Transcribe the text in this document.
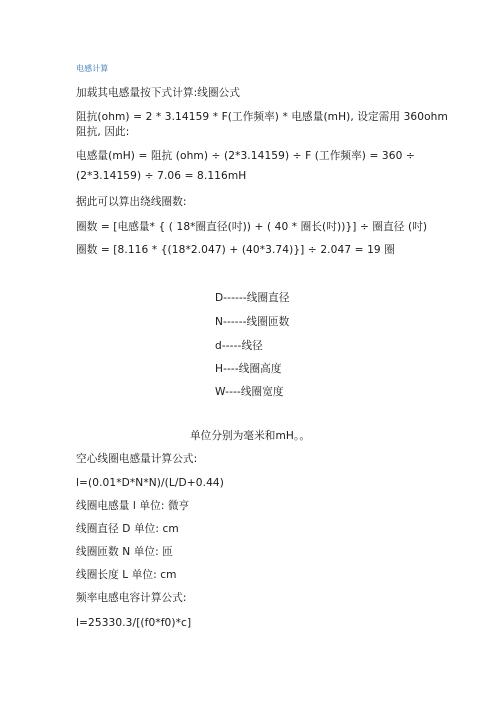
电感计算
加载其电感量按下式计算:线圈公式
阻抗(ohm) = 2 * 3.14159 * F(工作频率) * 电感量(mH), 设定需用 360ohm
阻抗, 因此:
电感量(mH) = 阻抗 (ohm) ÷ (2*3.14159) ÷ F (工作频率) = 360 ÷
(2*3.14159) ÷ 7.06 = 8.116mH
据此可以算出绕线圈数:
圈数 = [电感量* { ( 18*圈直径(吋)) + ( 40 * 圈长(吋))}] ÷ 圈直径 (吋)
圈数 = [8.116 * {(18*2.047) + (40*3.74)}] ÷ 2.047 = 19 圈
D------线圈直径
N------线圈匝数
d-----线径
H----线圈高度
W----线圈宽度
单位分别为毫米和mH。。
空心线圈电感量计算公式:
l=(0.01*D*N*N)/(L/D+0.44)
线圈电感量 l 单位: 微亨
线圈直径 D 单位: cm
线圈匝数 N 单位: 匝
线圈长度 L 单位: cm
频率电感电容计算公式:
l=25330.3/[(f0*f0)*c]
